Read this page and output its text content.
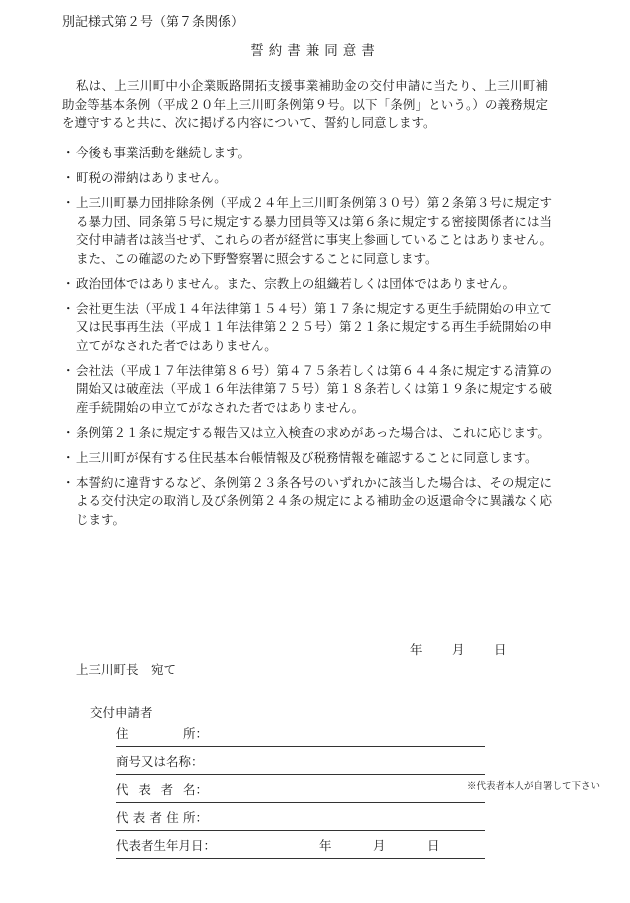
別記様式第２号（第７条関係）
誓約書兼同意書

私は、上三川町中小企業販路開拓支援事業補助金の交付申請に当たり、上三川町補助金等基本条例（平成２０年上三川町条例第９号。以下「条例」という。）の義務規定を遵守すると共に、次に掲げる内容について、誓約し同意します。

・ 今後も事業活動を継続します。
・ 町税の滞納はありません。
・ 上三川町暴力団排除条例（平成２４年上三川町条例第３０号）第２条第３号に規定する暴力団、同条第５号に規定する暴力団員等又は第６条に規定する密接関係者には当交付申請者は該当せず、これらの者が経営に事実上参画していることはありません。また、この確認のため下野警察署に照会することに同意します。
・ 政治団体ではありません。また、宗教上の組織若しくは団体ではありません。
・ 会社更生法（平成１４年法律第１５４号）第１７条に規定する更生手続開始の申立て又は民事再生法（平成１１年法律第２２５号）第２１条に規定する再生手続開始の申立てがなされた者ではありません。
・ 会社法（平成１７年法律第８６号）第４７５条若しくは第６４４条に規定する清算の開始又は破産法（平成１６年法律第７５号）第１８条若しくは第１９条に規定する破産手続開始の申立てがなされた者ではありません。
・ 条例第２１条に規定する報告又は立入検査の求めがあった場合は、これに応じます。
・ 上三川町が保有する住民基本台帳情報及び税務情報を確認することに同意します。
・ 本誓約に違背するなど、条例第２３条各号のいずれかに該当した場合は、その規定による交付決定の取消し及び条例第２４条の規定による補助金の返還命令に異議なく応じます。
年	月	日
上三川町長　宛て
交付申請者
住	所：
商号又は名称：
代 表 者 名：	※代表者本人が自署して下さい
代 表 者 住 所：
代表者生年月日：	年	月	日
